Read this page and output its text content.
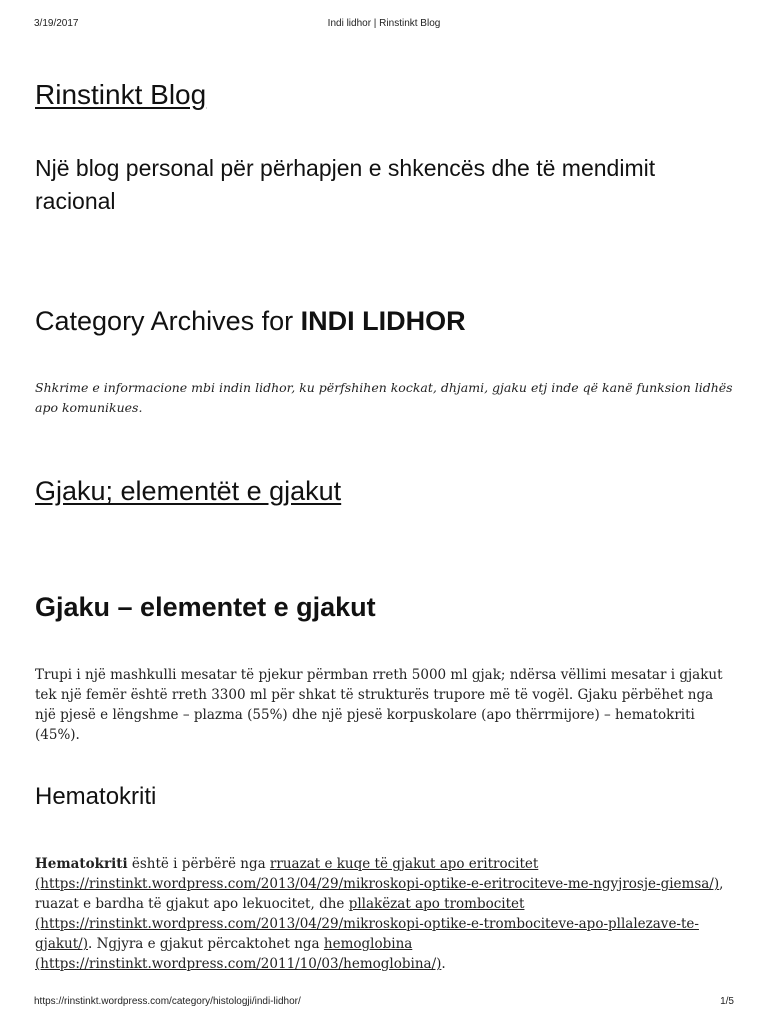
3/19/2017	Indi lidhor | Rinstinkt Blog
Rinstinkt Blog

Një blog personal për përhapjen e shkencës dhe të mendimit racional

Category Archives for INDI LIDHOR

Shkrime e informacione mbi indin lidhor, ku përfshihen kockat, dhjami, gjaku etj inde që kanë funksion lidhës apo komunikues.

Gjaku; elementët e gjakut
Gjaku – elementet e gjakut

Trupi i një mashkulli mesatar të pjekur përmban rreth 5000 ml gjak; ndërsa vëllimi mesatar i gjakut tek një femër është rreth 3300 ml për shkat të strukturës trupore më të vogël. Gjaku përbëhet nga një pjesë e lëngshme – plazma (55%) dhe një pjesë korpuskolare (apo thërrmijore) – hematokriti (45%).

Hematokriti

Hematokriti është i përbërë nga rruazat e kuqe të gjakut apo eritrocitet (https://rinstinkt.wordpress.com/2013/04/29/mikroskopi-optike-e-eritrociteve-me-ngyjrosje-giemsa/), ruazat e bardha të gjakut apo lekuocitet, dhe pllakëzat apo trombocitet (https://rinstinkt.wordpress.com/2013/04/29/mikroskopi-optike-e-trombociteve-apo-pllalezave-te-gjakut/). Ngjyra e gjakut përcaktohet nga hemoglobina (https://rinstinkt.wordpress.com/2011/10/03/hemoglobina/).

https://rinstinkt.wordpress.com/category/histologji/indi-lidhor/	1/5
